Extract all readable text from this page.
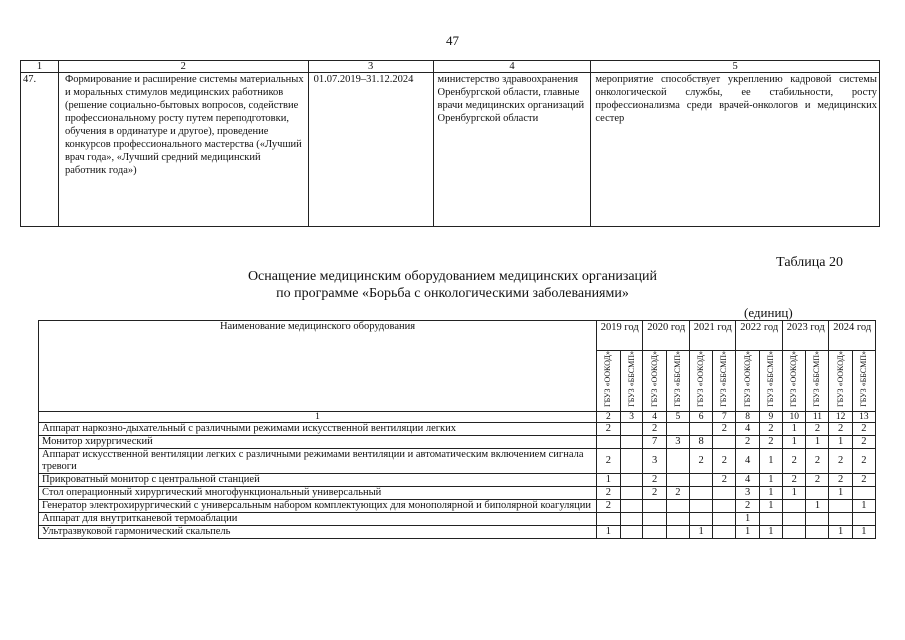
47
1	2	3	4	5
47.	Формирование и расширение системы материальных и моральных стимулов медицинских работников (решение социально-бытовых вопросов, содействие профессиональному росту путем переподготовки, обучения в ординатуре и другое), проведение конкурсов профессионального мастерства («Лучший врач года», «Лучший средний медицинский работник года»)	01.07.2019–31.12.2024	министерство здравоохранения Оренбургской области, главные врачи медицинских организаций Оренбургской области	мероприятие способствует укреплению кадровой системы онкологической службы, ее стабильности, росту профессионализма среди врачей-онкологов и медицинских сестер
Таблица 20
Оснащение медицинским оборудованием медицинских организаций
по программе «Борьба с онкологическими заболеваниями»
(единиц)
Наименование медицинского оборудования	2019 год		2020 год		2021 год		2022 год		2023 год		2024 год	
	ГБУЗ «ООКОД»	ГБУЗ «ББСМП»	ГБУЗ «ООКОД»	ГБУЗ «ББСМП»	ГБУЗ «ООКОД»	ГБУЗ «ББСМП»	ГБУЗ «ООКОД»	ГБУЗ «ББСМП»	ГБУЗ «ООКОД»	ГБУЗ «ББСМП»	ГБУЗ «ООКОД»	ГБУЗ «ББСМП»
1	2	3	4	5	6	7	8	9	10	11	12	13
Аппарат наркозно-дыхательный с различными режимами искусственной вентиляции легких	2		2			2	4	2	1	2	2	2
Монитор хирургический			7	3	8		2	2	1	1	1	2
Аппарат искусственной вентиляции легких с различными режимами вентиляции и автоматическим включением сигнала тревоги	2		3		2	2	4	1	2	2	2	2
Прикроватный монитор с центральной станцией	1		2			2	4	1	2	2	2	2
Стол операционный хирургический многофункциональный универсальный	2		2	2			3	1	1		1	
Генератор электрохирургический с универсальным набором комплектующих для монополярной и биполярной коагуляции	2						2	1		1		1
Аппарат для внутритканевой термоаблации							1					
Ультразвуковой гармонический скальпель	1				1		1	1			1	1
